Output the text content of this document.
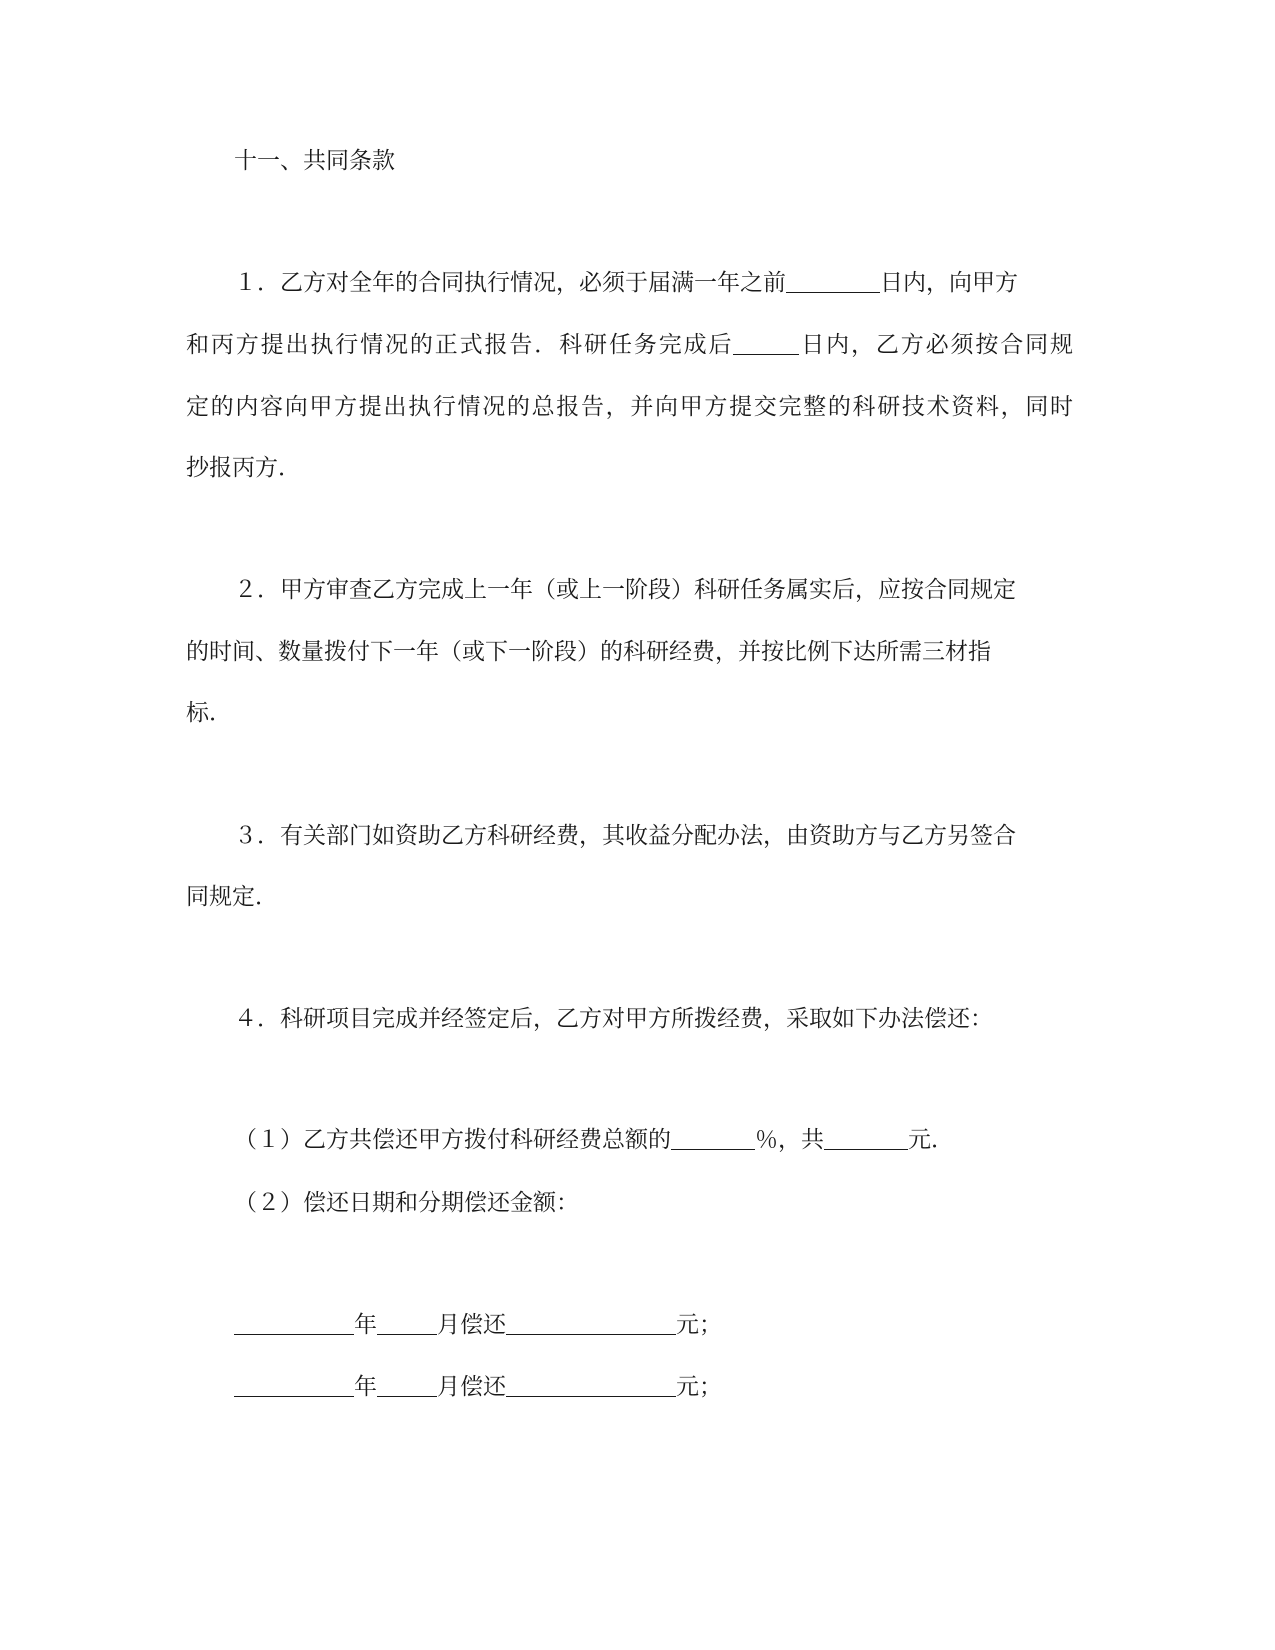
十一、共同条款

１．乙方对全年的合同执行情况，必须于届满一年之前	日内，向甲方

和丙方提出执行情况的正式报告．科研任务完成后	日内，乙方必须按合同规

定的内容向甲方提出执行情况的总报告，并向甲方提交完整的科研技术资料，同时

抄报丙方．

２．甲方审查乙方完成上一年（或上一阶段）科研任务属实后，应按合同规定

的时间、数量拨付下一年（或下一阶段）的科研经费，并按比例下达所需三材指

标．

３．有关部门如资助乙方科研经费，其收益分配办法，由资助方与乙方另签合

同规定．

４．科研项目完成并经签定后，乙方对甲方所拨经费，采取如下办法偿还：

（１）乙方共偿还甲方拨付科研经费总额的	％，共	元．

（２）偿还日期和分期偿还金额：

年	月偿还	元；

年	月偿还	元；
